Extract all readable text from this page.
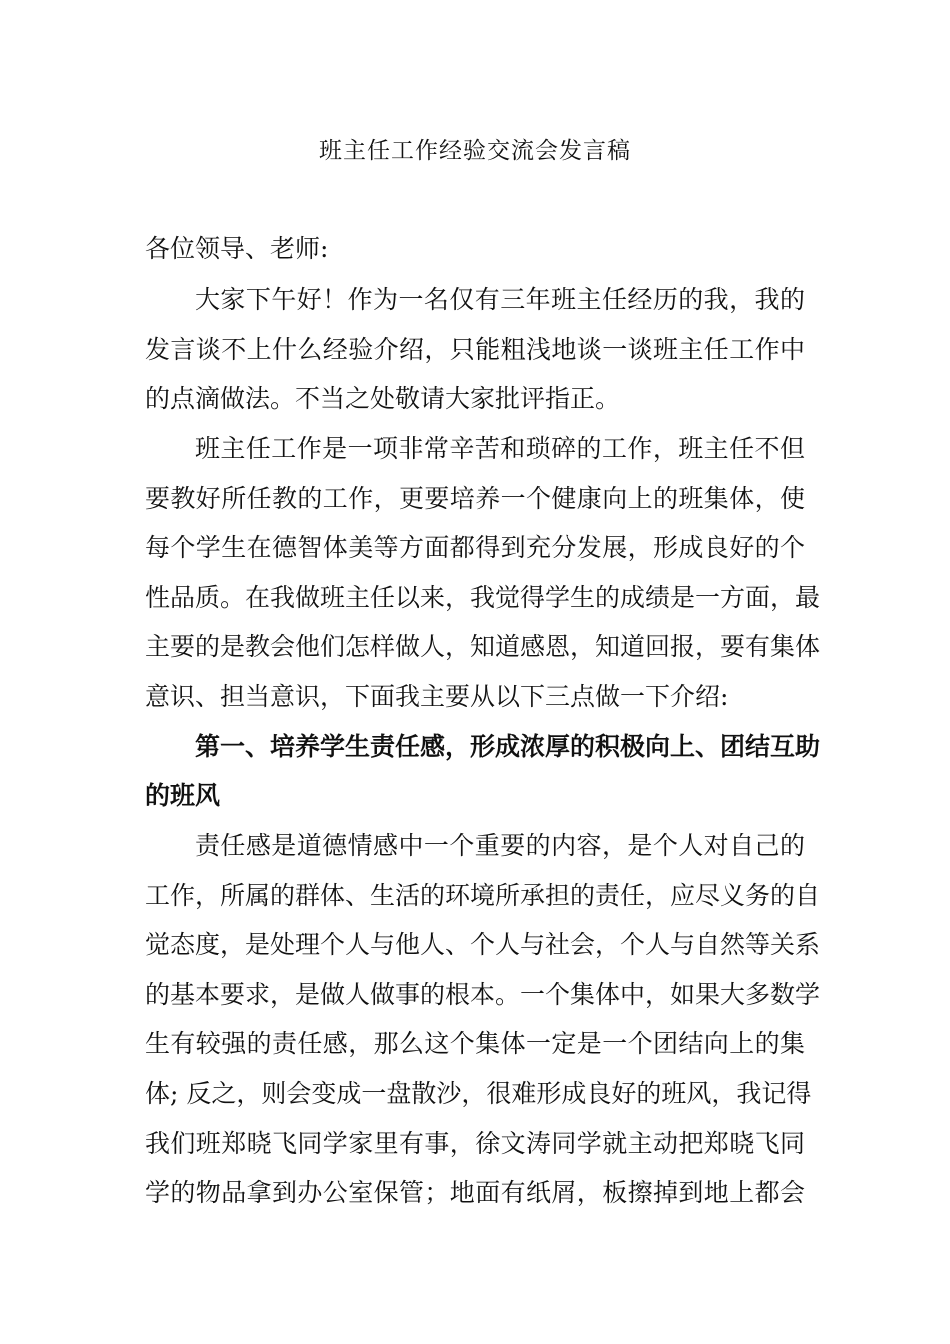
班主任工作经验交流会发言稿
各位领导、老师:
大家下午好！作为一名仅有三年班主任经历的我，我的
发言谈不上什么经验介绍，只能粗浅地谈一谈班主任工作中
的点滴做法。不当之处敬请大家批评指正。
班主任工作是一项非常辛苦和琐碎的工作，班主任不但
要教好所任教的工作，更要培养一个健康向上的班集体，使
每个学生在德智体美等方面都得到充分发展，形成良好的个
性品质。在我做班主任以来，我觉得学生的成绩是一方面，最
主要的是教会他们怎样做人，知道感恩，知道回报，要有集体
意识、担当意识，下面我主要从以下三点做一下介绍:
第一、培养学生责任感，形成浓厚的积极向上、团结互助
的班风
责任感是道德情感中一个重要的内容，是个人对自己的
工作，所属的群体、生活的环境所承担的责任，应尽义务的自
觉态度，是处理个人与他人、个人与社会，个人与自然等关系
的基本要求，是做人做事的根本。一个集体中，如果大多数学
生有较强的责任感，那么这个集体一定是一个团结向上的集
体; 反之，则会变成一盘散沙，很难形成良好的班风，我记得
我们班郑晓飞同学家里有事，徐文涛同学就主动把郑晓飞同
学的物品拿到办公室保管；地面有纸屑，板擦掉到地上都会
